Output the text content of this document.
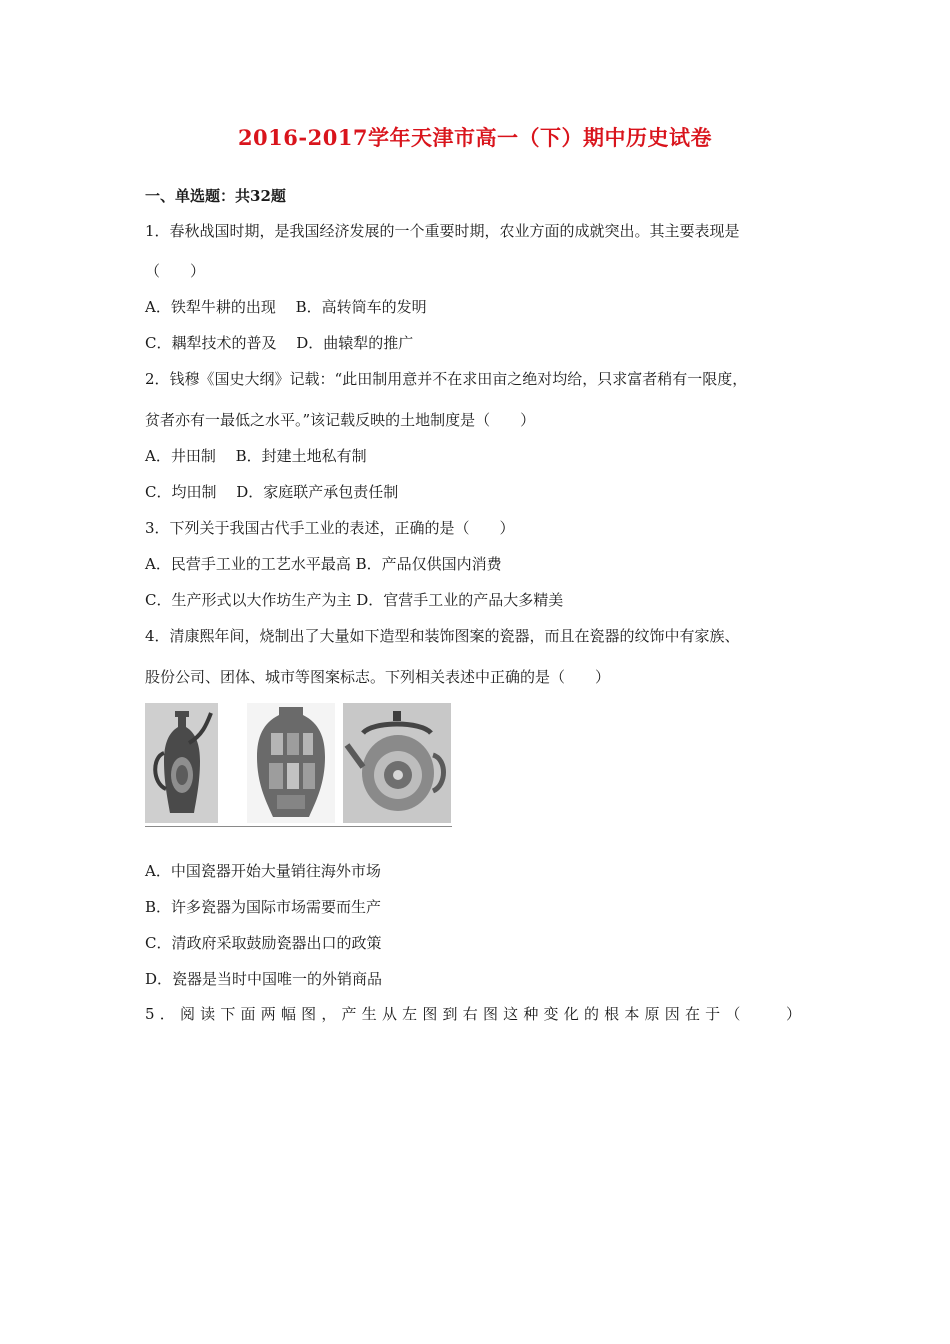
2016-2017学年天津市高一（下）期中历史试卷
一、单选题：共32题
1．春秋战国时期，是我国经济发展的一个重要时期，农业方面的成就突出。其主要表现是
（　　）
A．铁犁牛耕的出现　 B．高转筒车的发明
C．耦犁技术的普及　 D．曲辕犁的推广
2．钱穆《国史大纲》记载：“此田制用意并不在求田亩之绝对均给，只求富者稍有一限度，
贫者亦有一最低之水平。”该记载反映的土地制度是（　　）
A．井田制　 B．封建土地私有制
C．均田制　 D．家庭联产承包责任制
3．下列关于我国古代手工业的表述，正确的是（　　）
A．民营手工业的工艺水平最高 B．产品仅供国内消费
C．生产形式以大作坊生产为主 D．官营手工业的产品大多精美
4．清康熙年间，烧制出了大量如下造型和装饰图案的瓷器，而且在瓷器的纹饰中有家族、
股份公司、团体、城市等图案标志。下列相关表述中正确的是（　　）
A．中国瓷器开始大量销往海外市场
B．许多瓷器为国际市场需要而生产
C．清政府采取鼓励瓷器出口的政策
D．瓷器是当时中国唯一的外销商品
5．阅读下面两幅图，产生从左图到右图这种变化的根本原因在于（　　）
